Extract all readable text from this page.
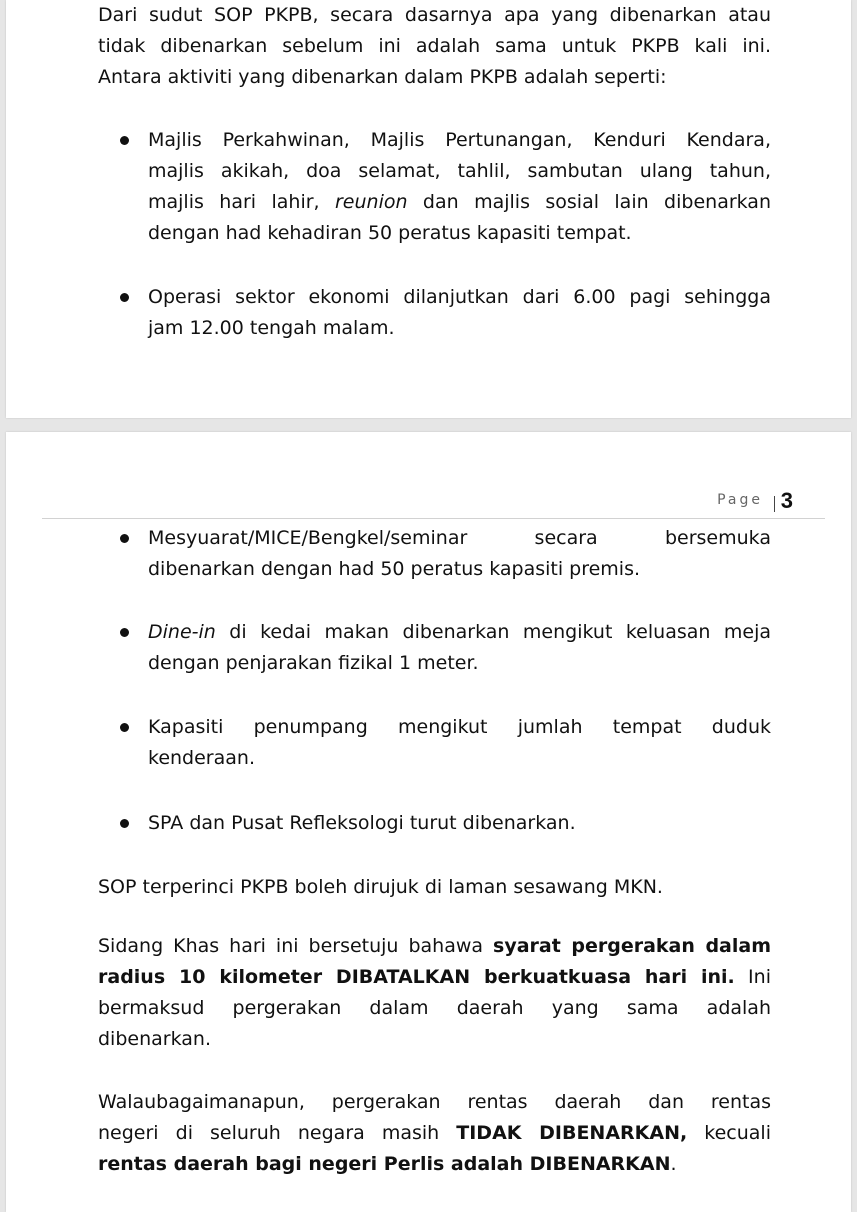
Dari sudut SOP PKPB, secara dasarnya apa yang dibenarkan atau

tidak dibenarkan sebelum ini adalah sama untuk PKPB kali ini.

Antara aktiviti yang dibenarkan dalam PKPB adalah seperti:

Majlis Perkahwinan, Majlis Pertunangan, Kenduri Kendara,

majlis akikah, doa selamat, tahlil, sambutan ulang tahun,

majlis hari lahir, reunion dan majlis sosial lain dibenarkan

dengan had kehadiran 50 peratus kapasiti tempat.

Operasi sektor ekonomi dilanjutkan dari 6.00 pagi sehingga

jam 12.00 tengah malam.

Page 3

Mesyuarat/MICE/Bengkel/seminar secara bersemuka

dibenarkan dengan had 50 peratus kapasiti premis.

Dine-in di kedai makan dibenarkan mengikut keluasan meja

dengan penjarakan fizikal 1 meter.

Kapasiti penumpang mengikut jumlah tempat duduk

kenderaan.

SPA dan Pusat Refleksologi turut dibenarkan.

SOP terperinci PKPB boleh dirujuk di laman sesawang MKN.

Sidang Khas hari ini bersetuju bahawa syarat pergerakan dalam

radius 10 kilometer DIBATALKAN berkuatkuasa hari ini. Ini

bermaksud pergerakan dalam daerah yang sama adalah

dibenarkan.

Walaubagaimanapun, pergerakan rentas daerah dan rentas

negeri di seluruh negara masih TIDAK DIBENARKAN, kecuali

rentas daerah bagi negeri Perlis adalah DIBENARKAN.
